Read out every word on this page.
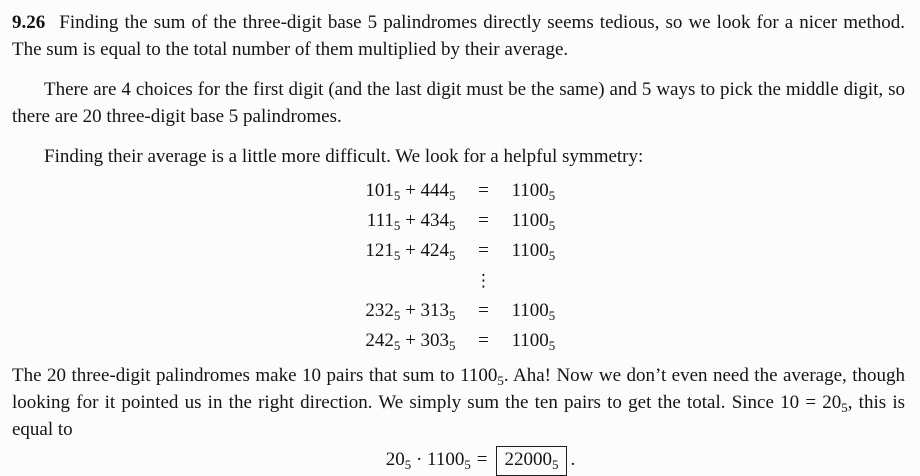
9.26 Finding the sum of the three-digit base 5 palindromes directly seems tedious, so we look for a nicer method. The sum is equal to the total number of them multiplied by their average.

There are 4 choices for the first digit (and the last digit must be the same) and 5 ways to pick the middle digit, so there are 20 three-digit base 5 palindromes.

Finding their average is a little more difficult. We look for a helpful symmetry:

$101_5 + 444_5$	=	$1100_5$
$111_5 + 434_5$	=	$1100_5$
$121_5 + 424_5$	=	$1100_5$
⋮
$232_5 + 313_5$	=	$1100_5$
$242_5 + 303_5$	=	$1100_5$

The 20 three-digit palindromes make 10 pairs that sum to $1100_5$. Aha! Now we don’t even need the average, though looking for it pointed us in the right direction. We simply sum the ten pairs to get the total. Since $10 = 20_5$, this is equal to

$20_5 \cdot 1100_5 = 22000_5$ .
